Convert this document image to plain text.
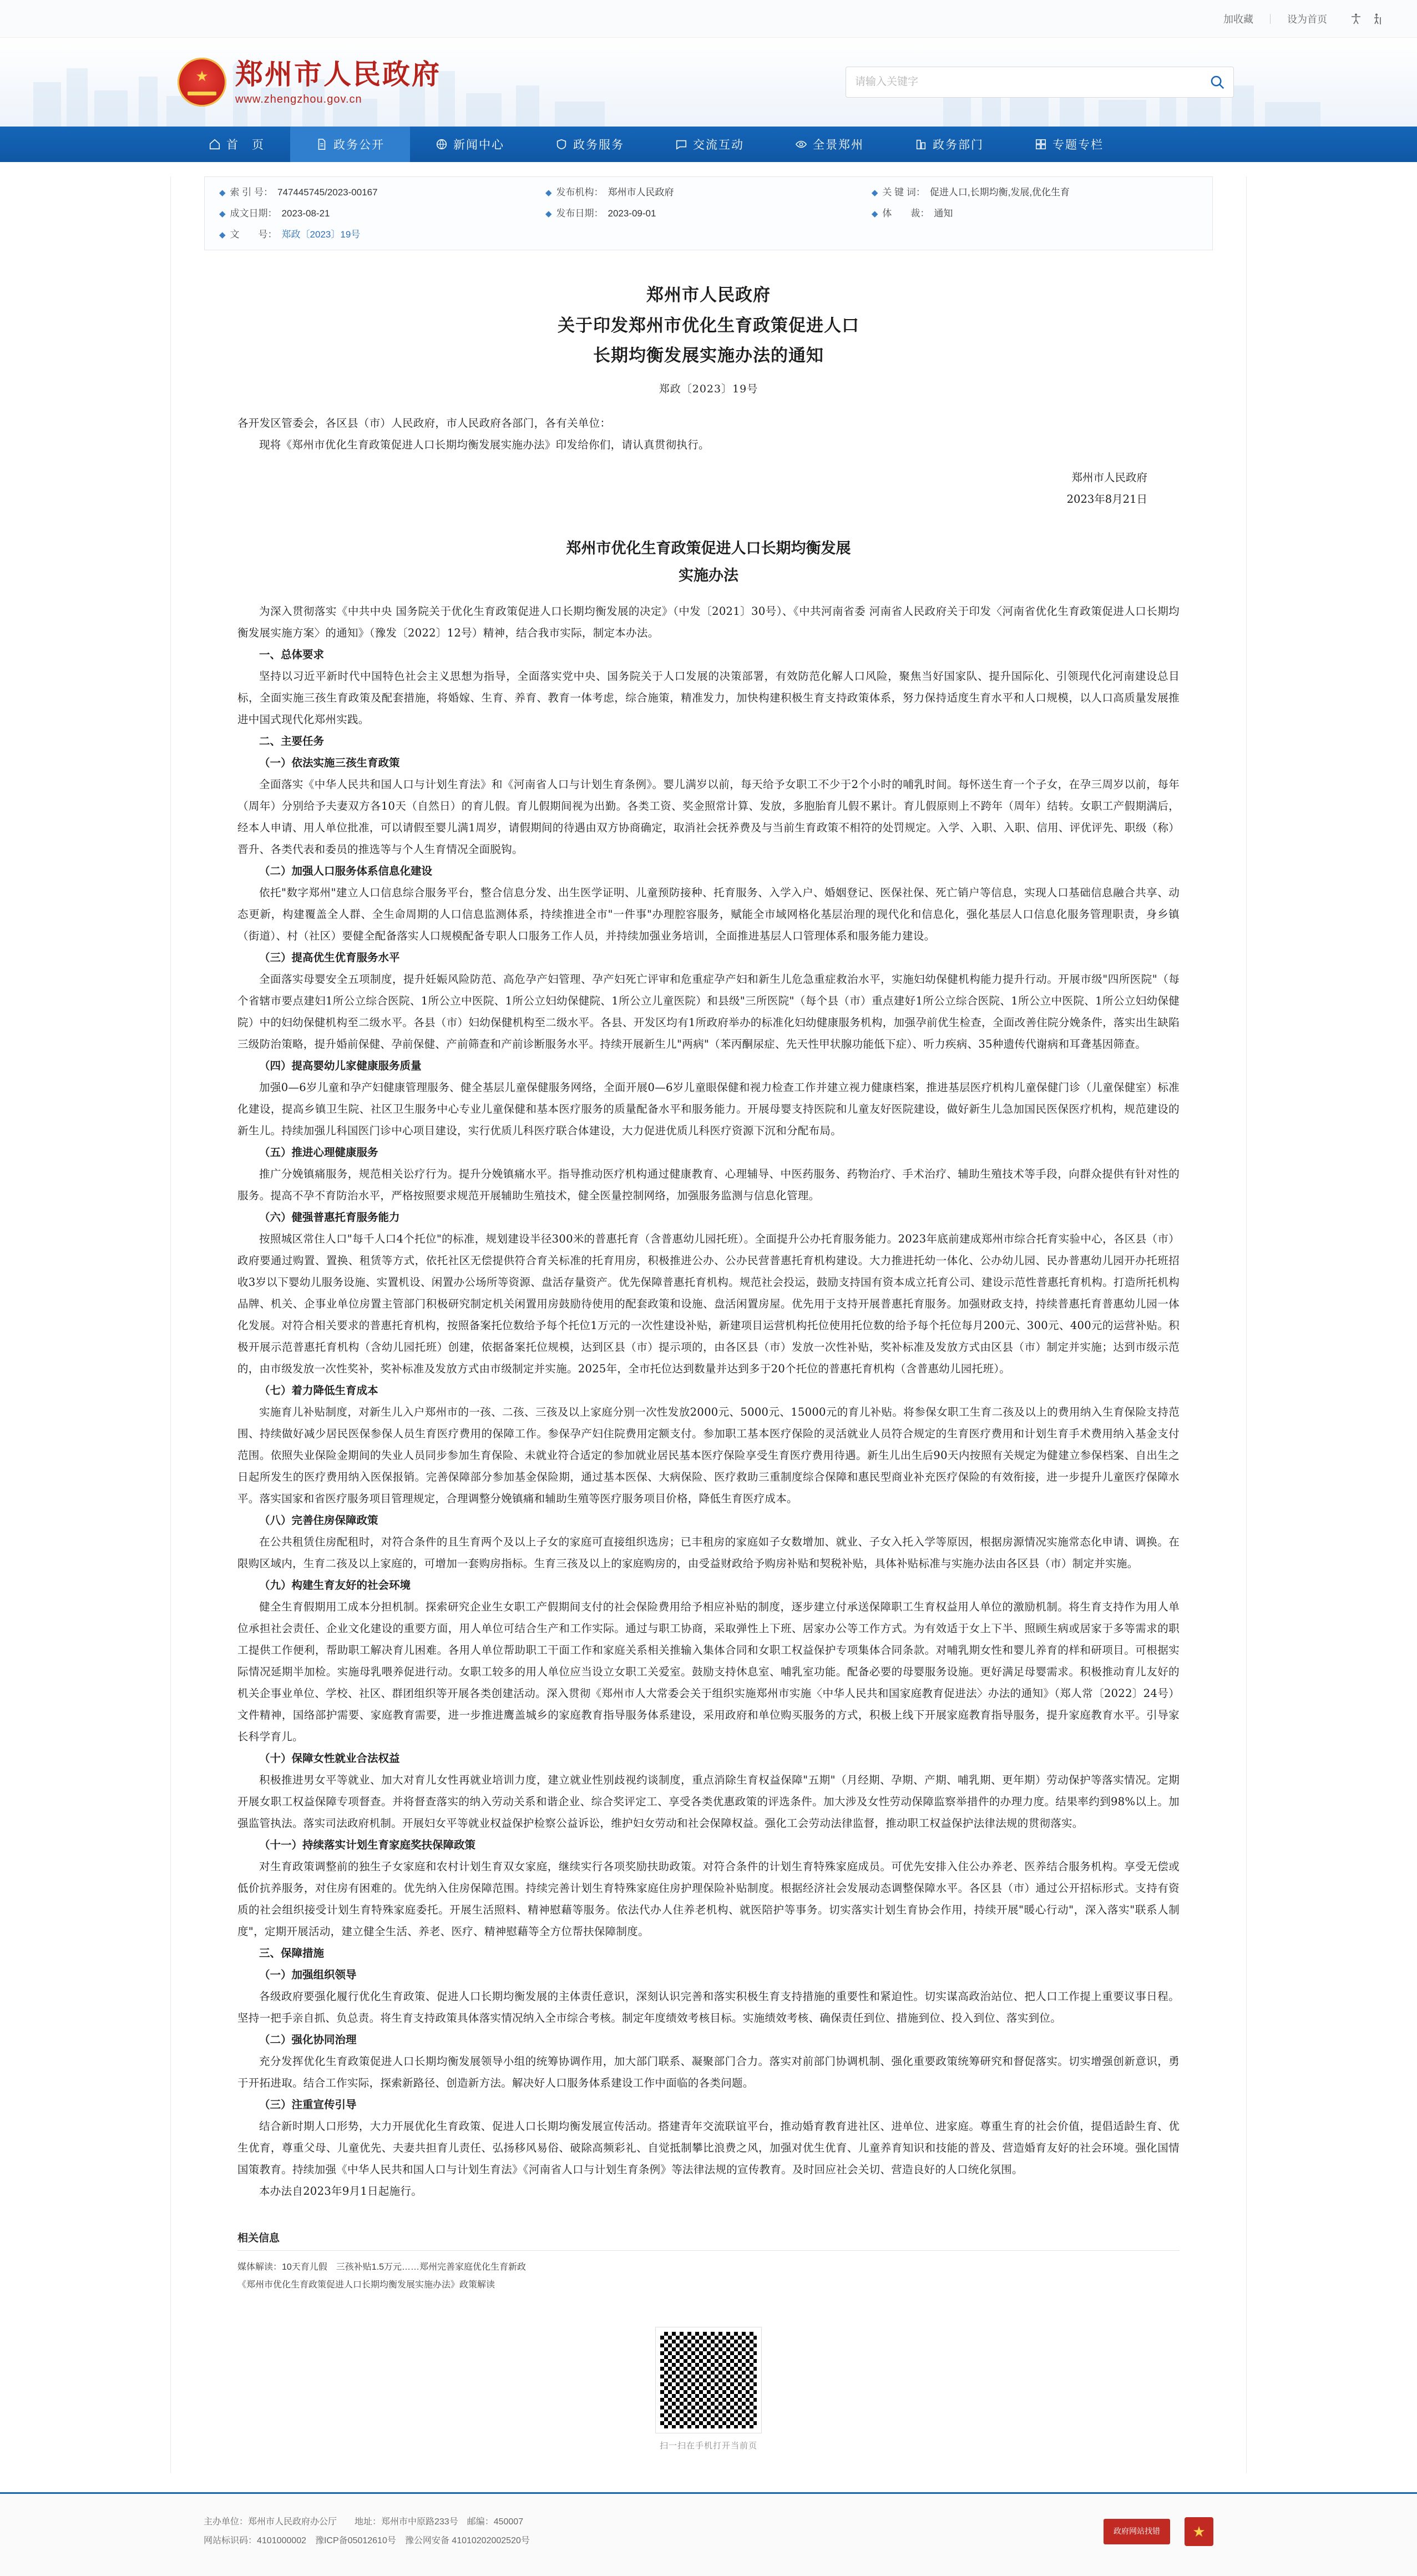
加收藏	设为首页
★ 郑州市人民政府
www.zhengzhou.gov.cn
请输入关键字
首　页	政务公开	新闻中心	政务服务	交流互动	全景郑州	政务部门	专题专栏
◆ 索 引 号： 747445745/2023-00167
◆ 成文日期： 2023-08-21
◆ 文　　号： 郑政〔2023〕19号
◆ 发布机构： 郑州市人民政府
◆ 发布日期： 2023-09-01
◆ 关 键 词： 促进人口,长期均衡,发展,优化生育
◆ 体　　裁： 通知
郑州市人民政府
关于印发郑州市优化生育政策促进人口
长期均衡发展实施办法的通知
郑政〔2023〕19号

各开发区管委会，各区县（市）人民政府，市人民政府各部门，各有关单位：

现将《郑州市优化生育政策促进人口长期均衡发展实施办法》印发给你们，请认真贯彻执行。

郑州市人民政府
2023年8月21日
郑州市优化生育政策促进人口长期均衡发展
实施办法

为深入贯彻落实《中共中央 国务院关于优化生育政策促进人口长期均衡发展的决定》（中发〔2021〕30号）、《中共河南省委 河南省人民政府关于印发〈河南省优化生育政策促进人口长期均衡发展实施方案〉的通知》（豫发〔2022〕12号）精神，结合我市实际，制定本办法。

一、总体要求

坚持以习近平新时代中国特色社会主义思想为指导，全面落实党中央、国务院关于人口发展的决策部署，有效防范化解人口风险，聚焦当好国家队、提升国际化、引领现代化河南建设总目标，全面实施三孩生育政策及配套措施，将婚嫁、生育、养育、教育一体考虑，综合施策，精准发力，加快构建积极生育支持政策体系，努力保持适度生育水平和人口规模，以人口高质量发展推进中国式现代化郑州实践。

二、主要任务

（一）依法实施三孩生育政策

全面落实《中华人民共和国人口与计划生育法》和《河南省人口与计划生育条例》。婴儿满岁以前，每天给予女职工不少于2个小时的哺乳时间。每怀送生育一个子女，在孕三周岁以前，每年（周年）分别给予夫妻双方各10天（自然日）的育儿假。育儿假期间视为出勤。各类工资、奖金照常计算、发放，多胞胎育儿假不累计。育儿假原则上不跨年（周年）结转。女职工产假期满后，经本人申请、用人单位批准，可以请假至婴儿满1周岁，请假期间的待遇由双方协商确定，取消社会抚养费及与当前生育政策不相符的处罚规定。入学、入职、入职、信用、评优评先、职级（称）晋升、各类代表和委员的推选等与个人生育情况全面脱钩。

（二）加强人口服务体系信息化建设

依托"数字郑州"建立人口信息综合服务平台，整合信息分发、出生医学证明、儿童预防接种、托育服务、入学入户、婚姻登记、医保社保、死亡销户等信息，实现人口基础信息融合共享、动态更新，构建覆盖全人群、全生命周期的人口信息监测体系，持续推进全市"一件事"办理腔容服务，赋能全市域网格化基层治理的现代化和信息化，强化基层人口信息化服务管理职责，身乡镇（街道）、村（社区）要健全配备落实人口规模配备专职人口服务工作人员，并持续加强业务培训，全面推进基层人口管理体系和服务能力建设。

（三）提高优生优育服务水平

全面落实母婴安全五项制度，提升妊娠风险防范、高危孕产妇管理、孕产妇死亡评审和危重症孕产妇和新生儿危急重症救治水平，实施妇幼保健机构能力提升行动。开展市级"四所医院"（每个省辖市要点建妇1所公立综合医院、1所公立中医院、1所公立妇幼保健院、1所公立儿童医院）和县级"三所医院"（每个县（市）重点建好1所公立综合医院、1所公立中医院、1所公立妇幼保健院）中的妇幼保健机构至二级水平。各县（市）妇幼保健机构至二级水平。各县、开发区均有1所政府举办的标准化妇幼健康服务机构，加强孕前优生检查，全面改善住院分娩条件，落实出生缺陷三级防治策略，提升婚前保健、孕前保健、产前筛查和产前诊断服务水平。持续开展新生儿"两病"（苯丙酮尿症、先天性甲状腺功能低下症）、听力疾病、35种遗传代谢病和耳聋基因筛查。

（四）提高婴幼儿家健康服务质量

加强0—6岁儿童和孕产妇健康管理服务、健全基层儿童保健服务网络，全面开展0—6岁儿童眼保健和视力检查工作并建立视力健康档案，推进基层医疗机构儿童保健门诊（儿童保健室）标准化建设，提高乡镇卫生院、社区卫生服务中心专业儿童保健和基本医疗服务的质量配备水平和服务能力。开展母婴支持医院和儿童友好医院建设，做好新生儿急加国民医保医疗机构，规范建设的新生儿。持续加强儿科国医门诊中心项目建设，实行优质儿科医疗联合体建设，大力促进优质儿科医疗资源下沉和分配布局。

（五）推进心理健康服务

推广分娩镇痛服务，规范相关讼疗行为。提升分娩镇痛水平。指导推动医疗机构通过健康教育、心理辅导、中医药服务、药物治疗、手术治疗、辅助生殖技术等手段，向群众提供有针对性的服务。提高不孕不育防治水平，严格按照要求规范开展辅助生殖技术，健全医量控制网络，加强服务监测与信息化管理。

（六）健强普惠托育服务能力

按照城区常住人口"每千人口4个托位"的标准，规划建设半径300米的普惠托育（含普惠幼儿园托班）。全面提升公办托育服务能力。2023年底前建成郑州市综合托育实验中心，各区县（市）政府要通过购置、置换、租赁等方式，依托社区无偿提供符合育关标准的托育用房，积极推进公办、公办民营普惠托育机构建设。大力推进托幼一体化、公办幼儿园、民办普惠幼儿园开办托班招收3岁以下婴幼儿服务设施、实置机设、闲置办公场所等资源、盘活存量资产。优先保障普惠托育机构。规范社会投运，鼓励支持国有资本成立托育公司、建设示范性普惠托育机构。打造所托机构品牌、机关、企事业单位房置主管部门积极研究制定机关闲置用房鼓励待使用的配套政策和设施、盘活闲置房屋。优先用于支持开展普惠托育服务。加强财政支持，持续普惠托育普惠幼儿园一体化发展。对符合相关要求的普惠托育机构，按照备案托位数给予每个托位1万元的一次性建设补贴，新建项目运营机构托位使用托位数的给予每个托位每月200元、300元、400元的运营补贴。积极开展示范普惠托育机构（含幼儿园托班）创建，依据备案托位规模，达到区县（市）提示项的，由各区县（市）发放一次性补贴，奖补标准及发放方式由区县（市）制定并实施；达到市级示范的，由市级发放一次性奖补，奖补标准及发放方式由市级制定并实施。2025年，全市托位达到数量并达到多于20个托位的普惠托育机构（含普惠幼儿园托班）。

（七）着力降低生育成本

实施育儿补贴制度，对新生儿入户郑州市的一孩、二孩、三孩及以上家庭分别一次性发放2000元、5000元、15000元的育儿补贴。将参保女职工生育二孩及以上的费用纳入生育保险支持范围、持续做好减少居民医保参保人员生育医疗费用的保障工作。参保孕产妇住院费用定额支付。参加职工基本医疗保险的灵活就业人员符合规定的生育医疗费用和计划生育手术费用纳入基金支付范围。依照失业保险金期间的失业人员同步参加生育保险、未就业符合适定的参加就业居民基本医疗保险享受生育医疗费用待遇。新生儿出生后90天内按照有关规定为健建立参保档案、自出生之日起所发生的医疗费用纳入医保报销。完善保障部分参加基金保险期，通过基本医保、大病保险、医疗救助三重制度综合保障和惠民型商业补充医疗保险的有效衔接，进一步提升儿童医疗保障水平。落实国家和省医疗服务项目管理规定，合理调整分娩镇痛和辅助生殖等医疗服务项目价格，降低生育医疗成本。

（八）完善住房保障政策

在公共租赁住房配租时，对符合条件的且生育两个及以上子女的家庭可直接组织选房；已丰租房的家庭如子女数增加、就业、子女入托入学等原因，根据房源情况实施常态化申请、调换。在限购区域内，生育二孩及以上家庭的，可增加一套购房指标。生育三孩及以上的家庭购房的，由受益财政给予购房补贴和契税补贴，具体补贴标准与实施办法由各区县（市）制定并实施。

（九）构建生育友好的社会环境

健全生育假期用工成本分担机制。探索研究企业生女职工产假期间支付的社会保险费用给予相应补贴的制度，逐步建立付承送保障职工生育权益用人单位的激励机制。将生育支持作为用人单位承担社会责任、企业文化建设的重要方面，用人单位可结合生产和工作实际。通过与职工协商，采取弹性上下班、居家办公等工作方式。为有效适于女上下半、照顾生病或居家于多等需求的职工提供工作便利，帮助职工解决育儿困难。各用人单位帮助职工干面工作和家庭关系相关推输入集体合同和女职工权益保护专项集体合同条款。对哺乳期女性和婴儿养育的样和研项目。可根据实际情况延期半加检。实施母乳喂养促进行动。女职工较多的用人单位应当设立女职工关爱室。鼓励支持休息室、哺乳室功能。配备必要的母婴服务设施。更好满足母婴需求。积极推动育儿友好的机关企事业单位、学校、社区、群团组织等开展各类创建活动。深入贯彻《郑州市人大常委会关于组织实施郑州市实施〈中华人民共和国家庭教育促进法〉办法的通知》（郑人常〔2022〕24号）文件精神，国络部护需要、家庭教育需要，进一步推进鹰盖城乡的家庭教育指导服务体系建设，采用政府和单位购买服务的方式，积极上线下开展家庭教育指导服务，提升家庭教育水平。引导家长科学育儿。

（十）保障女性就业合法权益

积极推进男女平等就业、加大对育儿女性再就业培训力度，建立就业性别歧视约谈制度，重点消除生育权益保障"五期"（月经期、孕期、产期、哺乳期、更年期）劳动保护等落实情况。定期开展女职工权益保障专项督查。并将督查落实的纳入劳动关系和谐企业、综合奖评定工、享受各类优惠政策的评选条件。加大涉及女性劳动保障监察举措件的办理力度。结果率约到98%以上。加强监管执法。落实司法政府机制。开展妇女平等就业权益保护检察公益诉讼，维护妇女劳动和社会保障权益。强化工会劳动法律监督，推动职工权益保护法律法规的贯彻落实。

（十一）持续落实计划生育家庭奖扶保障政策

对生育政策调整前的独生子女家庭和农村计划生育双女家庭，继续实行各项奖励扶助政策。对符合条件的计划生育特殊家庭成员。可优先安排入住公办养老、医养结合服务机构。享受无偿或低价抗养服务，对住房有困难的。优先纳入住房保障范围。持续完善计划生育特殊家庭住房护理保险补贴制度。根据经济社会发展动态调整保障水平。各区县（市）通过公开招标形式。支持有资质的社会组织接受计划生育特殊家庭委托。开展生活照料、精神慰藉等服务。依法代办人住养老机构、就医陪护等事务。切实落实计划生育协会作用，持续开展"暖心行动"，深入落实"联系人制度"，定期开展活动，建立健全生活、养老、医疗、精神慰藉等全方位帮扶保障制度。

三、保障措施

（一）加强组织领导

各级政府要强化履行优化生育政策、促进人口长期均衡发展的主体责任意识，深刻认识完善和落实积极生育支持措施的重要性和紧迫性。切实谋高政治站位、把人口工作提上重要议事日程。坚持一把手亲自抓、负总责。将生育支持政策具体落实情况纳入全市综合考核。制定年度绩效考核目标。实施绩效考核、确保责任到位、措施到位、投入到位、落实到位。

（二）强化协同治理

充分发挥优化生育政策促进人口长期均衡发展领导小组的统筹协调作用，加大部门联系、凝聚部门合力。落实对前部门协调机制、强化重要政策统筹研究和督促落实。切实增强创新意识，勇于开拓进取。结合工作实际，探索新路径、创造新方法。解决好人口服务体系建设工作中面临的各类问题。

（三）注重宣传引导

结合新时期人口形势，大力开展优化生育政策、促进人口长期均衡发展宣传活动。搭建青年交流联谊平台，推动婚育教育进社区、进单位、进家庭。尊重生育的社会价值，提倡适龄生育、优生优育，尊重父母、儿童优先、夫妻共担育儿责任、弘扬移风易俗、破除高频彩礼、自觉抵制攀比浪费之风，加强对优生优育、儿童养育知识和技能的普及、营造婚育友好的社会环境。强化国情国策教育。持续加强《中华人民共和国人口与计划生育法》《河南省人口与计划生育条例》等法律法规的宣传教育。及时回应社会关切、营造良好的人口统化氛围。

本办法自2023年9月1日起施行。

相关信息
媒体解读：10天育儿假　三孩补贴1.5万元……郑州完善家庭优化生育新政
《郑州市优化生育政策促进人口长期均衡发展实施办法》政策解读
扫一扫在手机打开当前页
主办单位：郑州市人民政府办公厅　　地址：郑州市中原路233号　邮编：450007
网站标识码：4101000002　豫ICP备05012610号　豫公网安备 41010202002520号
政府网站找错	★
